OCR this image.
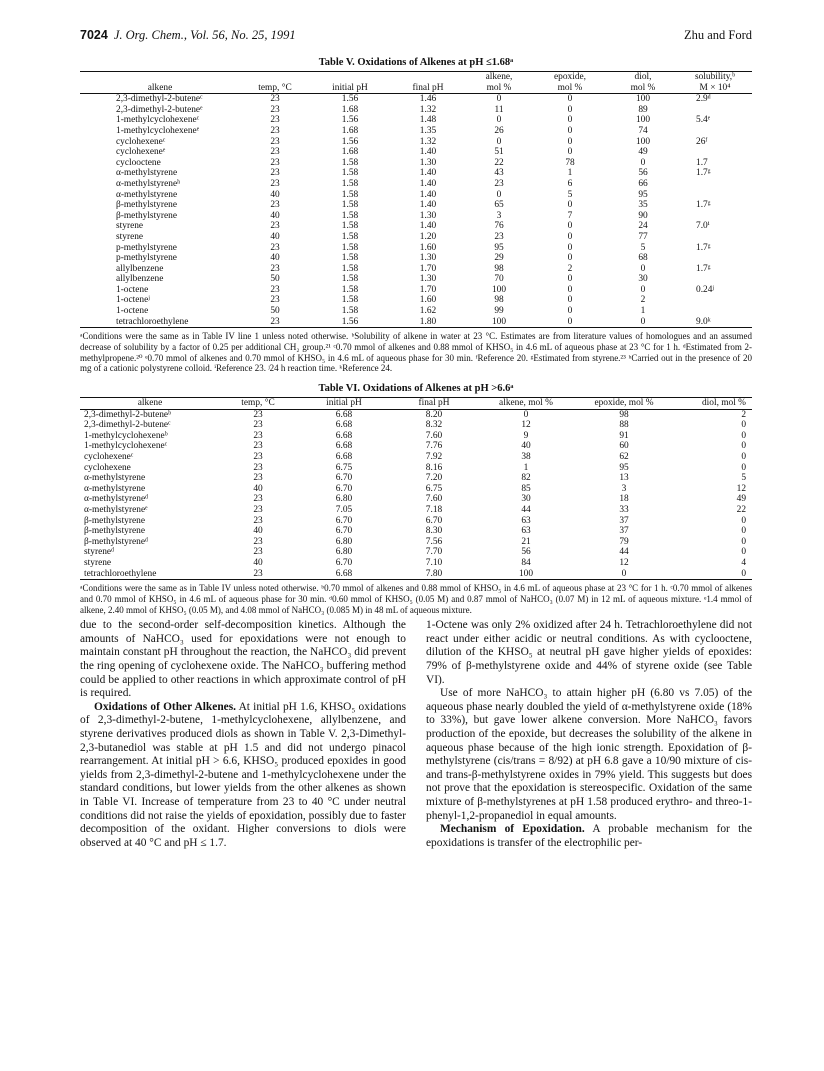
7024 J. Org. Chem., Vol. 56, No. 25, 1991	Zhu and Ford
Table V. Oxidations of Alkenes at pH ≤1.68ᵃ
				alkene,	epoxide,	diol,	solubility,ᵇ
alkene	temp, °C	initial pH	final pH	mol %	mol %	mol %	M × 10⁴
2,3-dimethyl-2-buteneᶜ	23	1.56	1.46	0	0	100	2.9ᵈ
2,3-dimethyl-2-buteneᵉ	23	1.68	1.32	11	0	89	
1-methylcyclohexeneᶜ	23	1.56	1.48	0	0	100	5.4ᵉ
1-methylcyclohexeneᵉ	23	1.68	1.35	26	0	74	
cyclohexeneᶜ	23	1.56	1.32	0	0	100	26ᶠ
cyclohexeneᵉ	23	1.68	1.40	51	0	49	
cyclooctene	23	1.58	1.30	22	78	0	1.7
α-methylstyrene	23	1.58	1.40	43	1	56	1.7ᵍ
α-methylstyreneʰ	23	1.58	1.40	23	6	66	
α-methylstyrene	40	1.58	1.40	0	5	95	
β-methylstyrene	23	1.58	1.40	65	0	35	1.7ᵍ
β-methylstyrene	40	1.58	1.30	3	7	90	
styrene	23	1.58	1.40	76	0	24	7.0ⁱ
styrene	40	1.58	1.20	23	0	77	
p-methylstyrene	23	1.58	1.60	95	0	5	1.7ᵍ
p-methylstyrene	40	1.58	1.30	29	0	68	
allylbenzene	23	1.58	1.70	98	2	0	1.7ᵍ
allylbenzene	50	1.58	1.30	70	0	30	
1-octene	23	1.58	1.70	100	0	0	0.24ʲ
1-octeneʲ	23	1.58	1.60	98	0	2	
1-octene	50	1.58	1.62	99	0	1	
tetrachloroethylene	23	1.56	1.80	100	0	0	9.0ᵏ
ᵃConditions were the same as in Table IV line 1 unless noted otherwise. ᵇSolubility of alkene in water at 23 °C. Estimates are from literature values of homologues and an assumed decrease of solubility by a factor of 0.25 per additional CH₂ group.²¹ ᶜ0.70 mmol of alkenes and 0.88 mmol of KHSO₅ in 4.6 mL of aqueous phase at 23 °C for 1 h. ᵈEstimated from 2-methylpropene.²⁰ ᵉ0.70 mmol of alkenes and 0.70 mmol of KHSO₅ in 4.6 mL of aqueous phase for 30 min. ᶠReference 20. ᵍEstimated from styrene.²³ ʰCarried out in the presence of 20 mg of a cationic polystyrene colloid. ⁱReference 23. ʲ24 h reaction time. ᵏReference 24.
Table VI. Oxidations of Alkenes at pH >6.6ᵃ
alkene	temp, °C	initial pH	final pH	alkene, mol %	epoxide, mol %	diol, mol %
2,3-dimethyl-2-buteneᵇ	23	6.68	8.20	0	98	2
2,3-dimethyl-2-buteneᶜ	23	6.68	8.32	12	88	0
1-methylcyclohexeneᵇ	23	6.68	7.60	9	91	0
1-methylcyclohexeneᶜ	23	6.68	7.76	40	60	0
cyclohexeneᶜ	23	6.68	7.92	38	62	0
cyclohexene	23	6.75	8.16	1	95	0
α-methylstyrene	23	6.70	7.20	82	13	5
α-methylstyrene	40	6.70	6.75	85	3	12
α-methylstyreneᵈ	23	6.80	7.60	30	18	49
α-methylstyreneᵉ	23	7.05	7.18	44	33	22
β-methylstyrene	23	6.70	6.70	63	37	0
β-methylstyrene	40	6.70	8.30	63	37	0
β-methylstyreneᵈ	23	6.80	7.56	21	79	0
styreneᵈ	23	6.80	7.70	56	44	0
styrene	40	6.70	7.10	84	12	4
tetrachloroethylene	23	6.68	7.80	100	0	0
ᵃConditions were the same as in Table IV unless noted otherwise. ᵇ0.70 mmol of alkenes and 0.88 mmol of KHSO₅ in 4.6 mL of aqueous phase at 23 °C for 1 h. ᶜ0.70 mmol of alkenes and 0.70 mmol of KHSO₅ in 4.6 mL of aqueous phase for 30 min. ᵈ0.60 mmol of KHSO₅ (0.05 M) and 0.87 mmol of NaHCO₃ (0.07 M) in 12 mL of aqueous mixture. ᵉ1.4 mmol of alkene, 2.40 mmol of KHSO₅ (0.05 M), and 4.08 mmol of NaHCO₃ (0.085 M) in 48 mL of aqueous mixture.

due to the second-order self-decomposition kinetics. Although the amounts of NaHCO₃ used for epoxidations were not enough to maintain constant pH throughout the reaction, the NaHCO₃ did prevent the ring opening of cyclohexene oxide. The NaHCO₃ buffering method could be applied to other reactions in which approximate control of pH is required.

Oxidations of Other Alkenes. At initial pH 1.6, KHSO₅ oxidations of 2,3-dimethyl-2-butene, 1-methylcyclohexene, allylbenzene, and styrene derivatives produced diols as shown in Table V. 2,3-Dimethyl-2,3-butanediol was stable at pH 1.5 and did not undergo pinacol rearrangement. At initial pH > 6.6, KHSO₅ produced epoxides in good yields from 2,3-dimethyl-2-butene and 1-methylcyclohexene under the standard conditions, but lower yields from the other alkenes as shown in Table VI. Increase of temperature from 23 to 40 °C under neutral conditions did not raise the yields of epoxidation, possibly due to faster decomposition of the oxidant. Higher conversions to diols were observed at 40 °C and pH ≤ 1.7.

1-Octene was only 2% oxidized after 24 h. Tetrachloroethylene did not react under either acidic or neutral conditions. As with cyclooctene, dilution of the KHSO₅ at neutral pH gave higher yields of epoxides: 79% of β-methylstyrene oxide and 44% of styrene oxide (see Table VI).

Use of more NaHCO₃ to attain higher pH (6.80 vs 7.05) of the aqueous phase nearly doubled the yield of α-methylstyrene oxide (18% to 33%), but gave lower alkene conversion. More NaHCO₃ favors production of the epoxide, but decreases the solubility of the alkene in aqueous phase because of the high ionic strength. Epoxidation of β-methylstyrene (cis/trans = 8/92) at pH 6.8 gave a 10/90 mixture of cis- and trans-β-methylstyrene oxides in 79% yield. This suggests but does not prove that the epoxidation is stereospecific. Oxidation of the same mixture of β-methylstyrenes at pH 1.58 produced erythro- and threo-1-phenyl-1,2-propanediol in equal amounts.

Mechanism of Epoxidation. A probable mechanism for the epoxidations is transfer of the electrophilic per-
